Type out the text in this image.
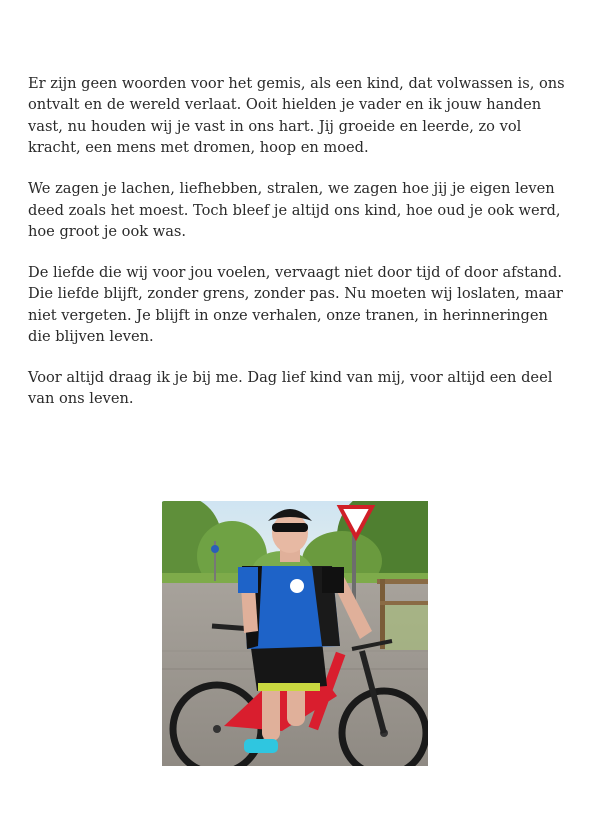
Er zijn geen woorden voor het gemis, als een kind, dat volwassen is, ons
ontvalt en de wereld verlaat. Ooit hielden je vader en ik jouw handen
vast, nu houden wij je vast in ons hart. Jij groeide en leerde, zo vol
kracht, een mens met dromen, hoop en moed.

We zagen je lachen, liefhebben, stralen, we zagen hoe jij je eigen leven
deed zoals het moest. Toch bleef je altijd ons kind, hoe oud je ook werd,
hoe groot je ook was.

De liefde die wij voor jou voelen, vervaagt niet door tijd of door afstand.
Die liefde blijft, zonder grens, zonder pas. Nu moeten wij loslaten, maar
niet vergeten. Je blijft in onze verhalen, onze tranen, in herinneringen
die blijven leven.

Voor altijd draag ik je bij me. Dag lief kind van mij, voor altijd een deel
van ons leven.
